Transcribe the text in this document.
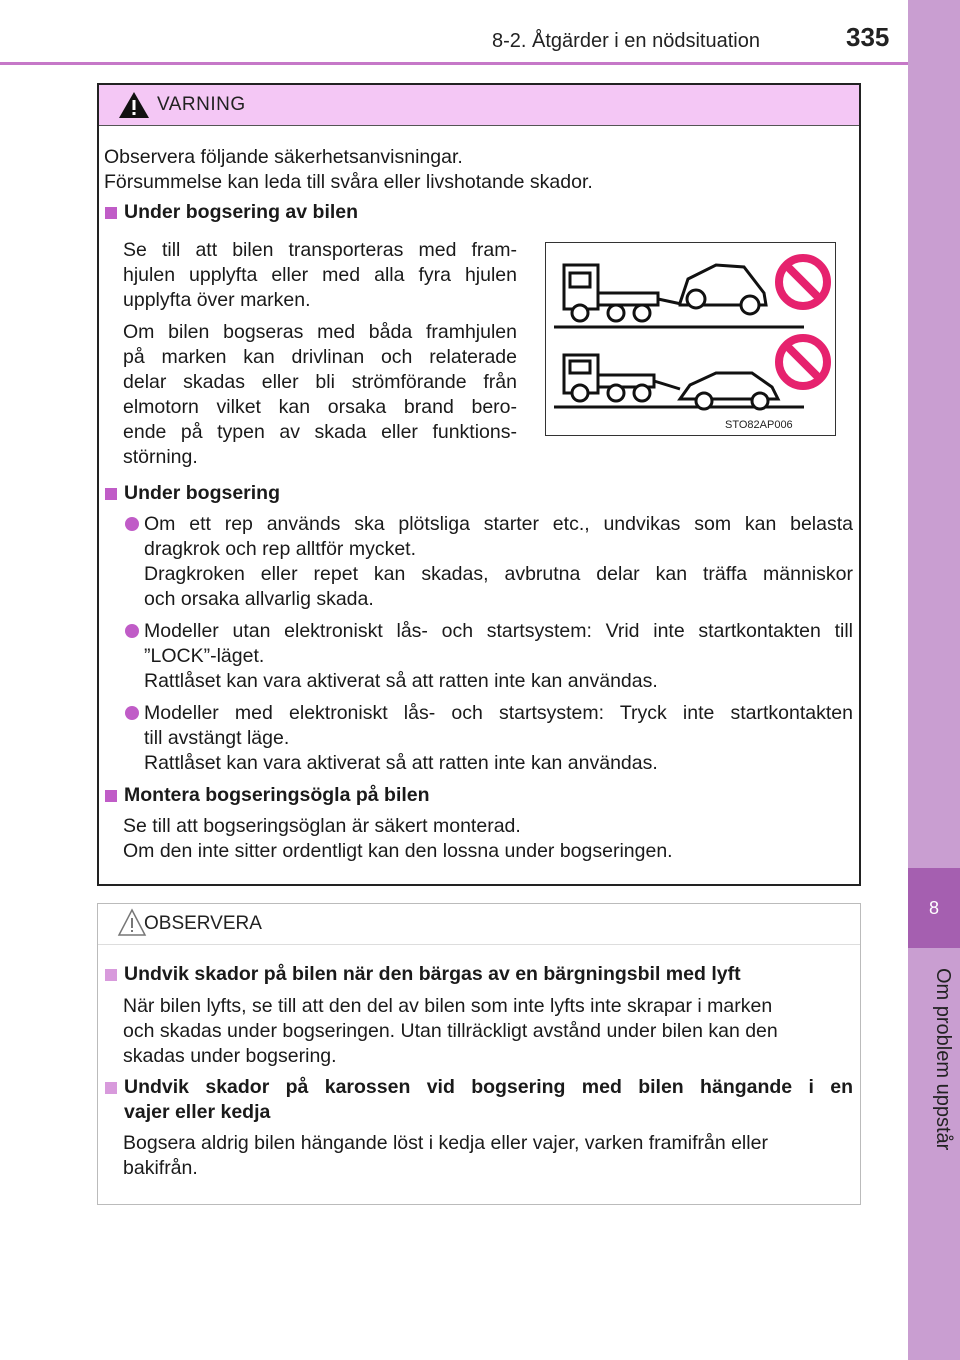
8-2. Åtgärder i en nödsituation	335
8
Om problem uppstår
VARNING
Observera följande säkerhetsanvisningar.
Försummelse kan leda till svåra eller livshotande skador.
Under bogsering av bilen
Se till att bilen transporteras med fram-
hjulen upplyfta eller med alla fyra hjulen
upplyfta över marken.
Om bilen bogseras med båda framhjulen
på marken kan drivlinan och relaterade
delar skadas eller bli strömförande från
elmotorn vilket kan orsaka brand bero-
ende på typen av skada eller funktions-
störning.
STO82AP006
Under bogsering
Om ett rep används ska plötsliga starter etc., undvikas som kan belasta
dragkrok och rep alltför mycket.
Dragkroken eller repet kan skadas, avbrutna delar kan träffa människor
och orsaka allvarlig skada.
Modeller utan elektroniskt lås- och startsystem: Vrid inte startkontakten till
”LOCK”-läget.
Rattlåset kan vara aktiverat så att ratten inte kan användas.
Modeller med elektroniskt lås- och startsystem: Tryck inte startkontakten
till avstängt läge.
Rattlåset kan vara aktiverat så att ratten inte kan användas.
Montera bogseringsögla på bilen
Se till att bogseringsöglan är säkert monterad.
Om den inte sitter ordentligt kan den lossna under bogseringen.
OBSERVERA
Undvik skador på bilen när den bärgas av en bärgningsbil med lyft
När bilen lyfts, se till att den del av bilen som inte lyfts inte skrapar i marken
och skadas under bogseringen. Utan tillräckligt avstånd under bilen kan den
skadas under bogsering.
Undvik skador på karossen vid bogsering med bilen hängande i en
vajer eller kedja
Bogsera aldrig bilen hängande löst i kedja eller vajer, varken framifrån eller
bakifrån.
